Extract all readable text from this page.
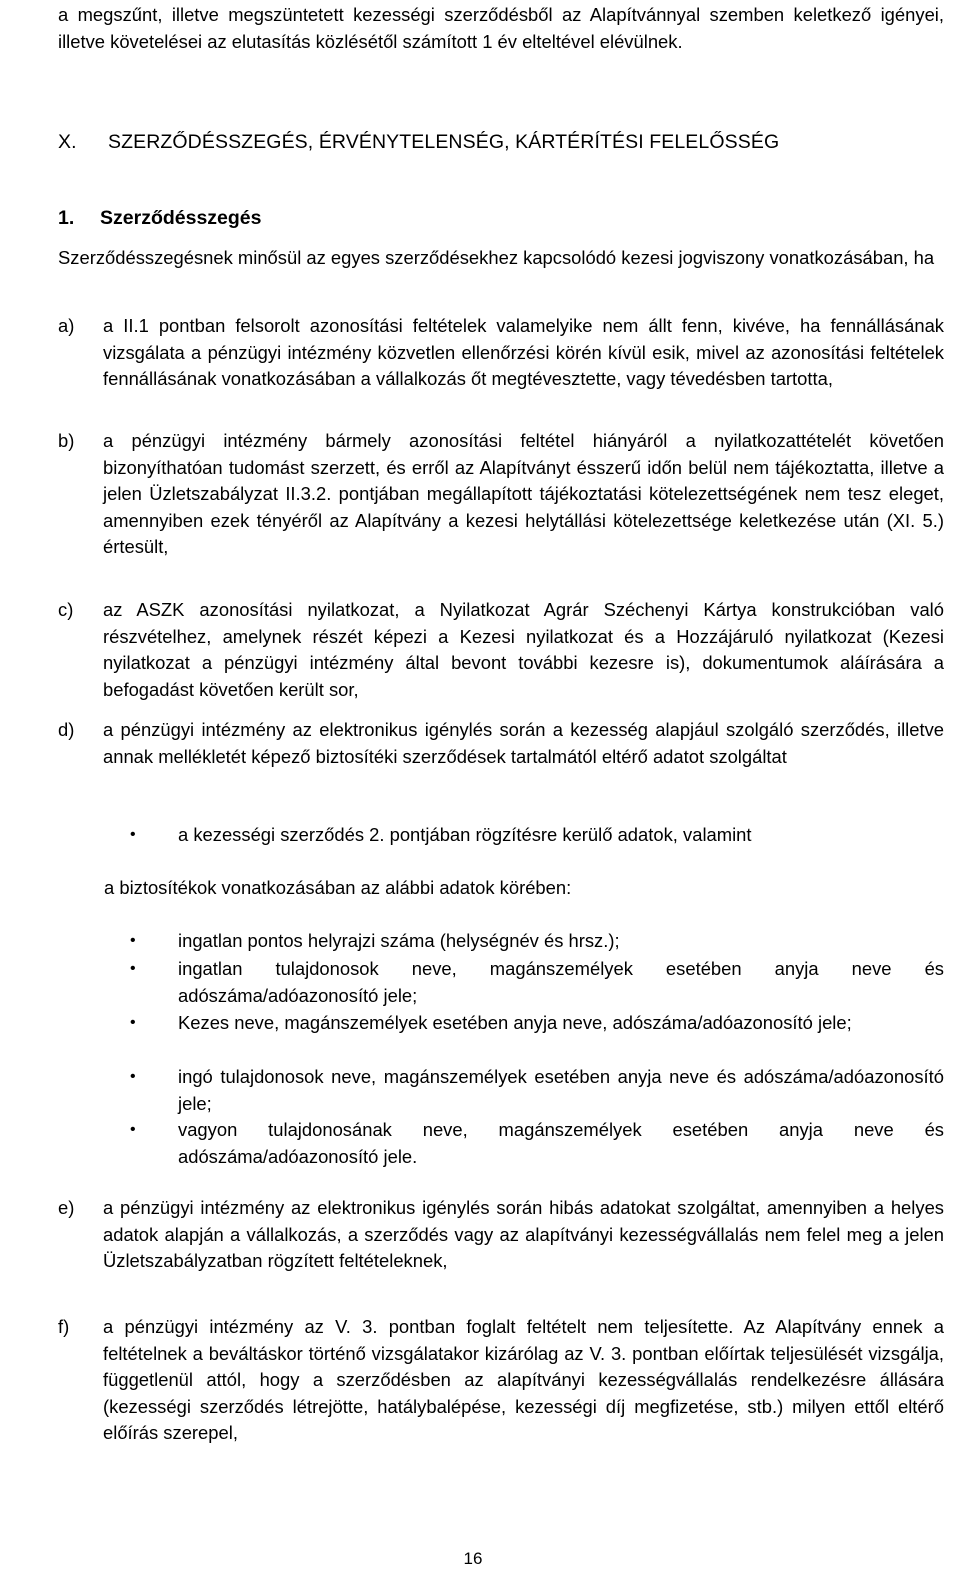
a megszűnt, illetve megszüntetett kezességi szerződésből az Alapítvánnyal szemben keletkező igényei, illetve követelései az elutasítás közlésétől számított 1 év elteltével elévülnek.

X. SZERZŐDÉSSZEGÉS, ÉRVÉNYTELENSÉG, KÁRTÉRÍTÉSI FELELŐSSÉG
1. Szerződésszegés

Szerződésszegésnek minősül az egyes szerződésekhez kapcsolódó kezesi jogviszony vonatkozásában, ha

a) a II.1 pontban felsorolt azonosítási feltételek valamelyike nem állt fenn, kivéve, ha fennállásának vizsgálata a pénzügyi intézmény közvetlen ellenőrzési körén kívül esik, mivel az azonosítási feltételek fennállásának vonatkozásában a vállalkozás őt megtévesztette, vagy tévedésben tartotta,
b) a pénzügyi intézmény bármely azonosítási feltétel hiányáról a nyilatkozattételét követően bizonyíthatóan tudomást szerzett, és erről az Alapítványt ésszerű időn belül nem tájékoztatta, illetve a jelen Üzletszabályzat II.3.2. pontjában megállapított tájékoztatási kötelezettségének nem tesz eleget, amennyiben ezek tényéről az Alapítvány a kezesi helytállási kötelezettsége keletkezése után (XI. 5.) értesült,
c) az ASZK azonosítási nyilatkozat, a Nyilatkozat Agrár Széchenyi Kártya konstrukcióban való részvételhez, amelynek részét képezi a Kezesi nyilatkozat és a Hozzájáruló nyilatkozat (Kezesi nyilatkozat a pénzügyi intézmény által bevont további kezesre is), dokumentumok aláírására a befogadást követően került sor,
d) a pénzügyi intézmény az elektronikus igénylés során a kezesség alapjául szolgáló szerződés, illetve annak mellékletét képező biztosítéki szerződések tartalmától eltérő adatot szolgáltat
• a kezességi szerződés 2. pontjában rögzítésre kerülő adatok, valamint

a biztosítékok vonatkozásában az alábbi adatok körében:

• ingatlan pontos helyrajzi száma (helységnév és hrsz.);
• ingatlan tulajdonosok neve, magánszemélyek esetében anyja neve és adószáma/adóazonosító jele;
• Kezes neve, magánszemélyek esetében anyja neve, adószáma/adóazonosító jele;
• ingó tulajdonosok neve, magánszemélyek esetében anyja neve és adószáma/adóazonosító jele;
• vagyon tulajdonosának neve, magánszemélyek esetében anyja neve és adószáma/adóazonosító jele.
e) a pénzügyi intézmény az elektronikus igénylés során hibás adatokat szolgáltat, amennyiben a helyes adatok alapján a vállalkozás, a szerződés vagy az alapítványi kezességvállalás nem felel meg a jelen Üzletszabályzatban rögzített feltételeknek,
f) a pénzügyi intézmény az V. 3. pontban foglalt feltételt nem teljesítette. Az Alapítvány ennek a feltételnek a beváltáskor történő vizsgálatakor kizárólag az V. 3. pontban előírtak teljesülését vizsgálja, függetlenül attól, hogy a szerződésben az alapítványi kezességvállalás rendelkezésre állására (kezességi szerződés létrejötte, hatálybalépése, kezességi díj megfizetése, stb.) milyen ettől eltérő előírás szerepel,
16
